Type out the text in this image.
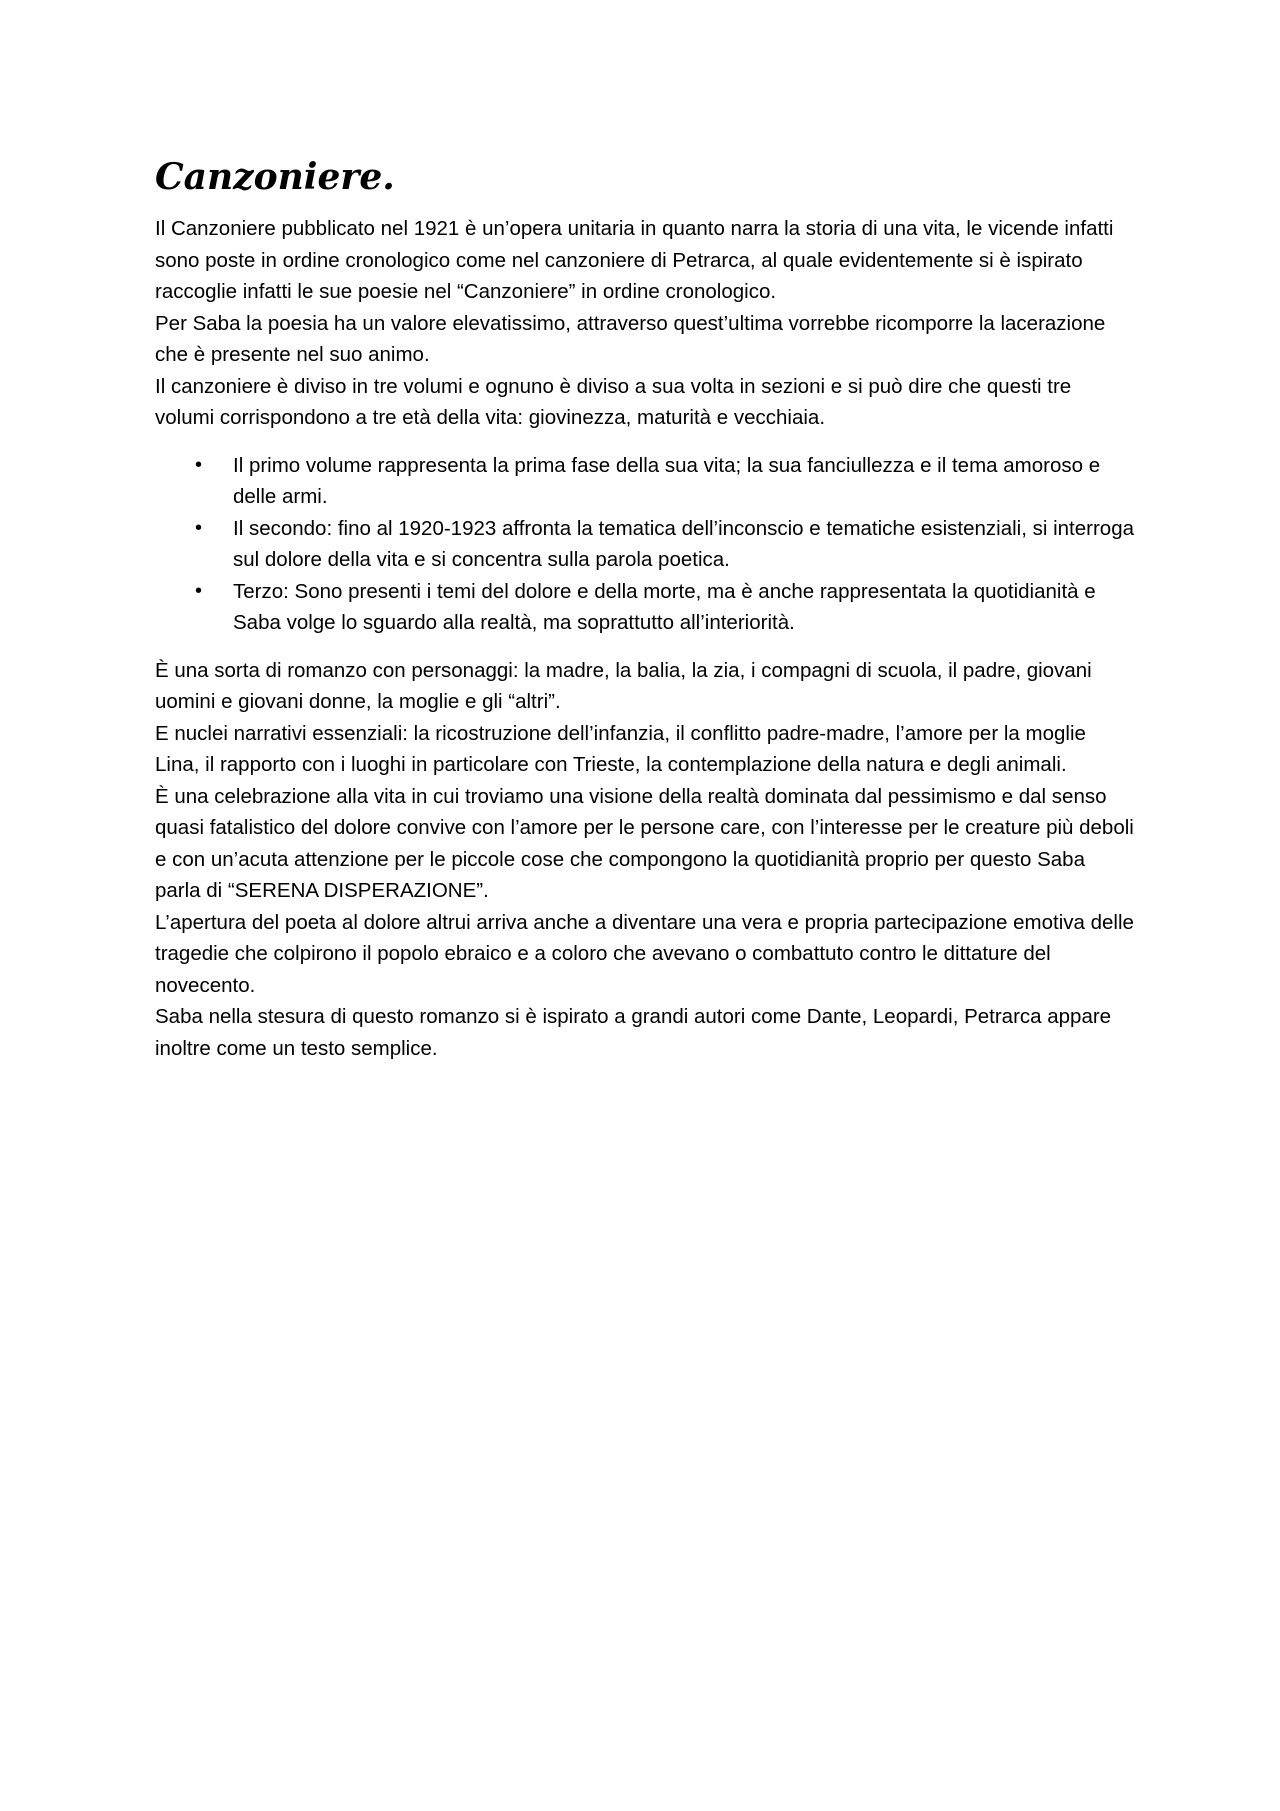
Canzoniere.

Il Canzoniere pubblicato nel 1921 è un’opera unitaria in quanto narra la storia di una vita, le vicende infatti sono poste in ordine cronologico come nel canzoniere di Petrarca, al quale evidentemente si è ispirato raccoglie infatti le sue poesie nel “Canzoniere” in ordine cronologico.

Per Saba la poesia ha un valore elevatissimo, attraverso quest’ultima vorrebbe ricomporre la lacerazione che è presente nel suo animo.

Il canzoniere è diviso in tre volumi e ognuno è diviso a sua volta in sezioni e si può dire che questi tre volumi corrispondono a tre età della vita: giovinezza, maturità e vecchiaia.

• Il primo volume rappresenta la prima fase della sua vita; la sua fanciullezza e il tema amoroso e delle armi.
• Il secondo: fino al 1920-1923 affronta la tematica dell’inconscio e tematiche esistenziali, si interroga sul dolore della vita e si concentra sulla parola poetica.
• Terzo: Sono presenti i temi del dolore e della morte, ma è anche rappresentata la quotidianità e Saba volge lo sguardo alla realtà, ma soprattutto all’interiorità.

È una sorta di romanzo con personaggi: la madre, la balia, la zia, i compagni di scuola, il padre, giovani uomini e giovani donne, la moglie e gli “altri”.

E nuclei narrativi essenziali: la ricostruzione dell’infanzia, il conflitto padre-madre, l’amore per la moglie Lina, il rapporto con i luoghi in particolare con Trieste, la contemplazione della natura e degli animali.

È una celebrazione alla vita in cui troviamo una visione della realtà dominata dal pessimismo e dal senso quasi fatalistico del dolore convive con l’amore per le persone care, con l’interesse per le creature più deboli e con un’acuta attenzione per le piccole cose che compongono la quotidianità proprio per questo Saba parla di “SERENA DISPERAZIONE”.

L’apertura del poeta al dolore altrui arriva anche a diventare una vera e propria partecipazione emotiva delle tragedie che colpirono il popolo ebraico e a coloro che avevano o combattuto contro le dittature del novecento.

Saba nella stesura di questo romanzo si è ispirato a grandi autori come Dante, Leopardi, Petrarca appare inoltre come un testo semplice.
